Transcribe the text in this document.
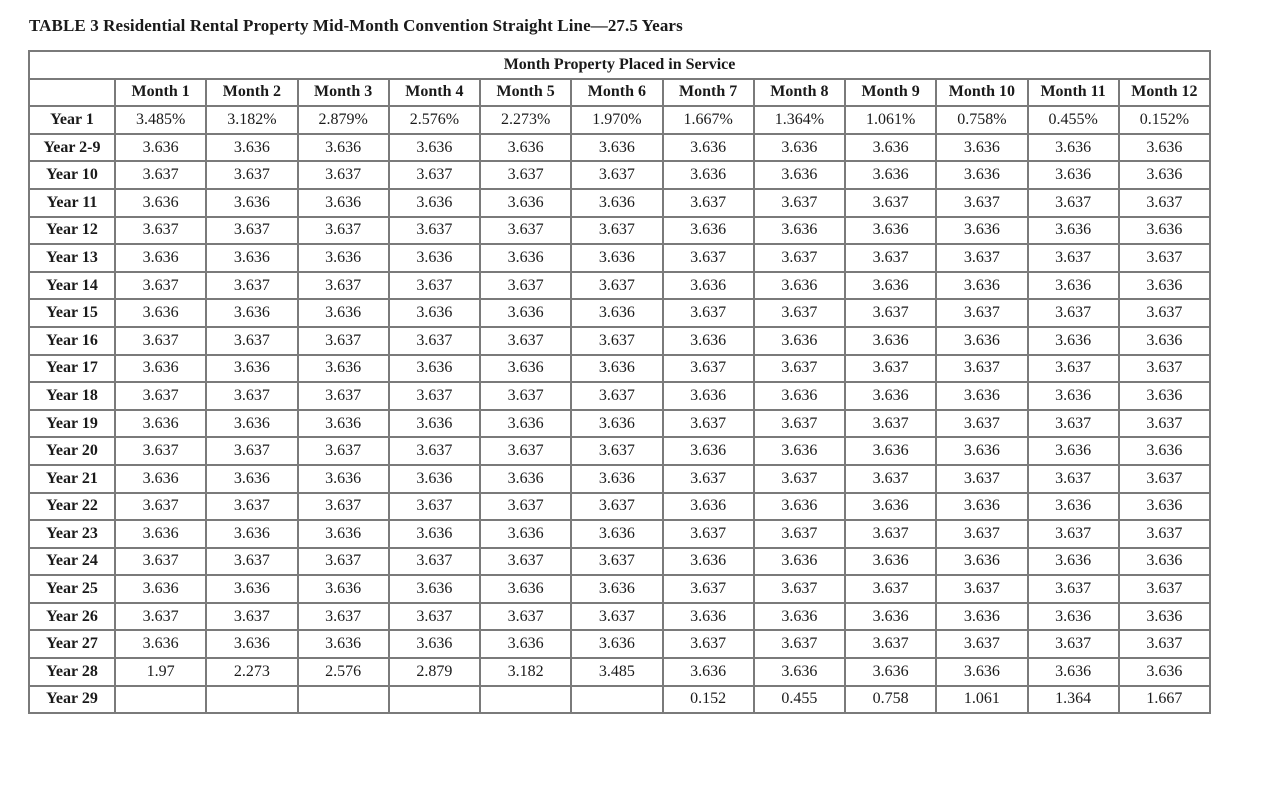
TABLE 3 Residential Rental Property Mid-Month Convention Straight Line—27.5 Years
Month Property Placed in Service												
	Month 1	Month 2	Month 3	Month 4	Month 5	Month 6	Month 7	Month 8	Month 9	Month 10	Month 11	Month 12
Year 1	3.485%	3.182%	2.879%	2.576%	2.273%	1.970%	1.667%	1.364%	1.061%	0.758%	0.455%	0.152%
Year 2-9	3.636	3.636	3.636	3.636	3.636	3.636	3.636	3.636	3.636	3.636	3.636	3.636
Year 10	3.637	3.637	3.637	3.637	3.637	3.637	3.636	3.636	3.636	3.636	3.636	3.636
Year 11	3.636	3.636	3.636	3.636	3.636	3.636	3.637	3.637	3.637	3.637	3.637	3.637
Year 12	3.637	3.637	3.637	3.637	3.637	3.637	3.636	3.636	3.636	3.636	3.636	3.636
Year 13	3.636	3.636	3.636	3.636	3.636	3.636	3.637	3.637	3.637	3.637	3.637	3.637
Year 14	3.637	3.637	3.637	3.637	3.637	3.637	3.636	3.636	3.636	3.636	3.636	3.636
Year 15	3.636	3.636	3.636	3.636	3.636	3.636	3.637	3.637	3.637	3.637	3.637	3.637
Year 16	3.637	3.637	3.637	3.637	3.637	3.637	3.636	3.636	3.636	3.636	3.636	3.636
Year 17	3.636	3.636	3.636	3.636	3.636	3.636	3.637	3.637	3.637	3.637	3.637	3.637
Year 18	3.637	3.637	3.637	3.637	3.637	3.637	3.636	3.636	3.636	3.636	3.636	3.636
Year 19	3.636	3.636	3.636	3.636	3.636	3.636	3.637	3.637	3.637	3.637	3.637	3.637
Year 20	3.637	3.637	3.637	3.637	3.637	3.637	3.636	3.636	3.636	3.636	3.636	3.636
Year 21	3.636	3.636	3.636	3.636	3.636	3.636	3.637	3.637	3.637	3.637	3.637	3.637
Year 22	3.637	3.637	3.637	3.637	3.637	3.637	3.636	3.636	3.636	3.636	3.636	3.636
Year 23	3.636	3.636	3.636	3.636	3.636	3.636	3.637	3.637	3.637	3.637	3.637	3.637
Year 24	3.637	3.637	3.637	3.637	3.637	3.637	3.636	3.636	3.636	3.636	3.636	3.636
Year 25	3.636	3.636	3.636	3.636	3.636	3.636	3.637	3.637	3.637	3.637	3.637	3.637
Year 26	3.637	3.637	3.637	3.637	3.637	3.637	3.636	3.636	3.636	3.636	3.636	3.636
Year 27	3.636	3.636	3.636	3.636	3.636	3.636	3.637	3.637	3.637	3.637	3.637	3.637
Year 28	1.97	2.273	2.576	2.879	3.182	3.485	3.636	3.636	3.636	3.636	3.636	3.636
Year 29							0.152	0.455	0.758	1.061	1.364	1.667
